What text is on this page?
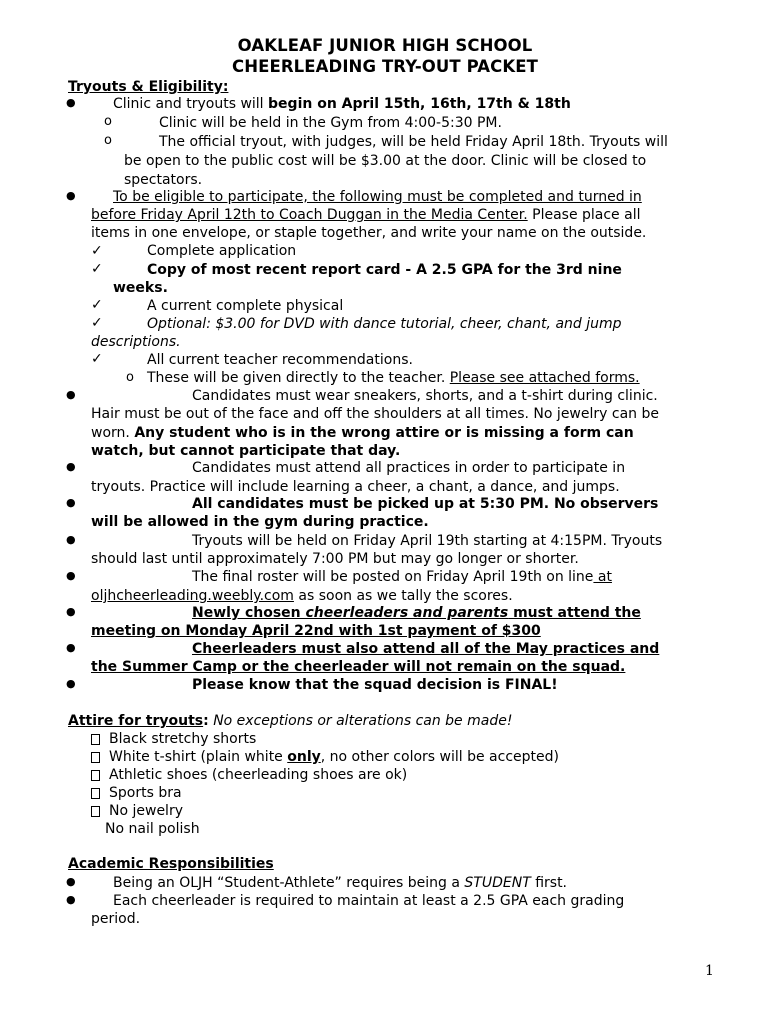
OAKLEAF JUNIOR HIGH SCHOOL
CHEERLEADING TRY-OUT PACKET
Tryouts & Eligibility:
●	Clinic and tryouts will begin on April 15th, 16th, 17th & 18th
o	Clinic will be held in the Gym from 4:00-5:30 PM.
o	The official tryout, with judges, will be held Friday April 18th. Tryouts will
be open to the public cost will be $3.00 at the door. Clinic will be closed to
spectators.
●	To be eligible to participate, the following must be completed and turned in
before Friday April 12th to Coach Duggan in the Media Center. Please place all
items in one envelope, or staple together, and write your name on the outside.
✓	Complete application
✓	Copy of most recent report card - A 2.5 GPA for the 3rd nine
weeks.
✓	A current complete physical
✓	Optional: $3.00 for DVD with dance tutorial, cheer, chant, and jump
descriptions.
✓	All current teacher recommendations.
o These will be given directly to the teacher. Please see attached forms.
●	Candidates must wear sneakers, shorts, and a t-shirt during clinic.
Hair must be out of the face and off the shoulders at all times. No jewelry can be
worn. Any student who is in the wrong attire or is missing a form can
watch, but cannot participate that day.
●	Candidates must attend all practices in order to participate in
tryouts. Practice will include learning a cheer, a chant, a dance, and jumps.
●	All candidates must be picked up at 5:30 PM. No observers
will be allowed in the gym during practice.
●	Tryouts will be held on Friday April 19th starting at 4:15PM. Tryouts
should last until approximately 7:00 PM but may go longer or shorter.
●	The final roster will be posted on Friday April 19th on line at
oljhcheerleading.weebly.com as soon as we tally the scores.
●	Newly chosen cheerleaders and parents must attend the
meeting on Monday April 22nd with 1st payment of $300
●	Cheerleaders must also attend all of the May practices and
the Summer Camp or the cheerleader will not remain on the squad.
●	Please know that the squad decision is FINAL!
Attire for tryouts: No exceptions or alterations can be made!
Black stretchy shorts
White t-shirt (plain white only, no other colors will be accepted)
Athletic shoes (cheerleading shoes are ok)
Sports bra
No jewelry
No nail polish
Academic Responsibilities
●	Being an OLJH “Student-Athlete” requires being a STUDENT first.
●	Each cheerleader is required to maintain at least a 2.5 GPA each grading
period.
1
